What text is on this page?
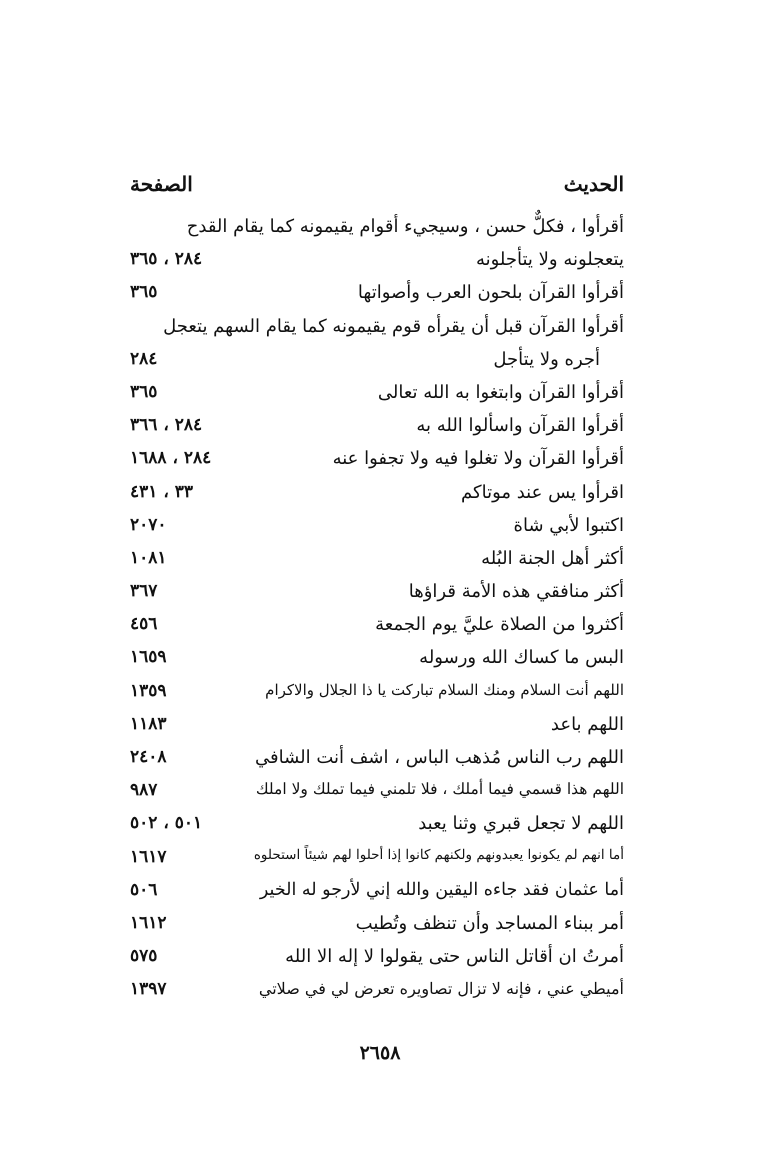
الحديث
الصفحة
أقرأوا ، فكلٌّ حسن ، وسيجيء أقوام يقيمونه كما يقام القدح
يتعجلونه ولا يتأجلونه
٢٨٤ ، ٣٦٥
أقرأوا القرآن بلحون العرب وأصواتها
٣٦٥
أقرأوا القرآن قبل أن يقرأه قوم يقيمونه كما يقام السهم يتعجل
أجره ولا يتأجل
٢٨٤
أقرأوا القرآن وابتغوا به الله تعالى
٣٦٥
أقرأوا القرآن واسألوا الله به
٢٨٤ ، ٣٦٦
أقرأوا القرآن ولا تغلوا فيه ولا تجفوا عنه
٢٨٤ ، ١٦٨٨
اقرأوا يس عند موتاكم
٣٣ ، ٤٣١
اكتبوا لأبي شاة
٢٠٧٠
أكثر أهل الجنة البُله
١٠٨١
أكثر منافقي هذه الأمة قراؤها
٣٦٧
أكثروا من الصلاة عليَّ يوم الجمعة
٤٥٦
البس ما كساك الله ورسوله
١٦٥٩
اللهم أنت السلام ومنك السلام تباركت يا ذا الجلال والاكرام
١٣٥٩
اللهم باعد
١١٨٣
اللهم رب الناس مُذهب الباس ، اشف أنت الشافي
٢٤٠٨
اللهم هذا قسمي فيما أملك ، فلا تلمني فيما تملك ولا املك
٩٨٧
اللهم لا تجعل قبري وثنا يعبد
٥٠١ ، ٥٠٢
أما انهم لم يكونوا يعبدونهم ولكنهم كانوا إذا أحلوا لهم شيئاً استحلوه
١٦١٧
أما عثمان فقد جاءه اليقين والله إني لأرجو له الخير
٥٠٦
أمر ببناء المساجد وأن تنظف وتُطيب
١٦١٢
أمرتُ ان أقاتل الناس حتى يقولوا لا إله الا الله
٥٧٥
أميطي عني ، فإنه لا تزال تصاويره تعرض لي في صلاتي
١٣٩٧
٢٦٥٨
